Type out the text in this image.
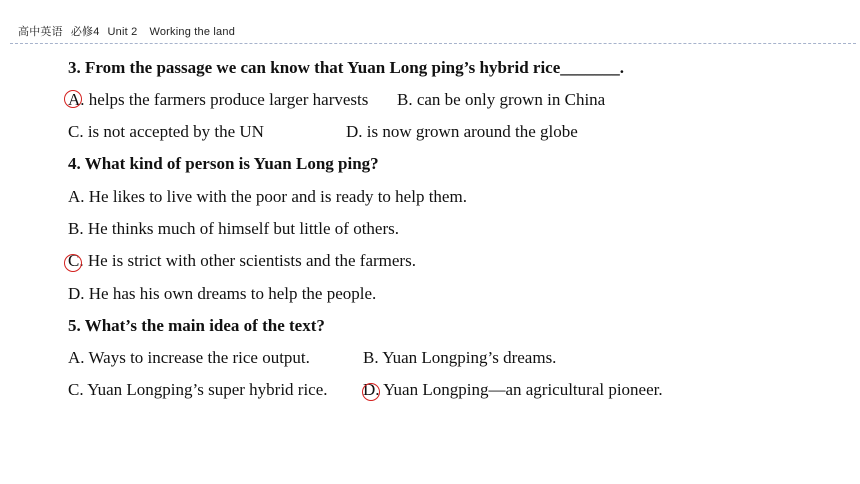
高中英语 必修4 Unit 2 Working the land
3. From the passage we can know that Yuan Long ping’s hybrid rice_______.
A. helps the farmers produce larger harvests B. can be only grown in China
C. is not accepted by the UN	D. is now grown around the globe
4. What kind of person is Yuan Long ping?
A. He likes to live with the poor and is ready to help them.
B. He thinks much of himself but little of others.
C. He is strict with other scientists and the farmers.
D. He has his own dreams to help the people.
5. What’s the main idea of the text?
A. Ways to increase the rice output.	B. Yuan Longping’s dreams.
C. Yuan Longping’s super hybrid rice. D. Yuan Longping—an agricultural pioneer.
